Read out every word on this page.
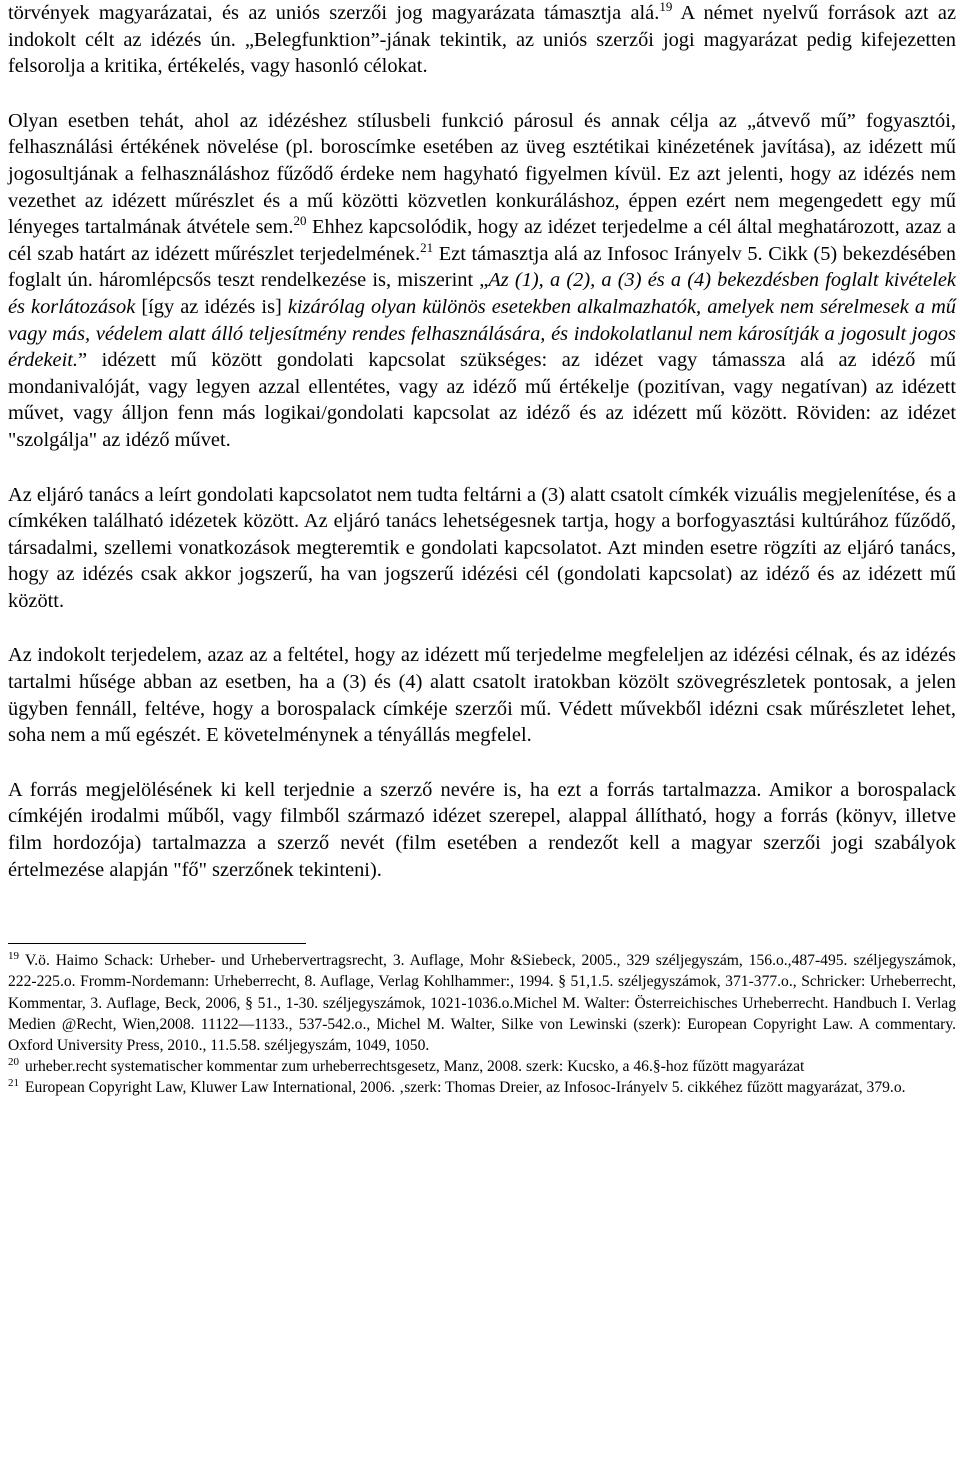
törvények magyarázatai, és az uniós szerzői jog magyarázata támasztja alá.$^{19}$ A német nyelvű források azt az indokolt célt az idézés ún. „Belegfunktion”-jának tekintik, az uniós szerzői jogi magyarázat pedig kifejezetten felsorolja a kritika, értékelés, vagy hasonló célokat.

Olyan esetben tehát, ahol az idézéshez stílusbeli funkció párosul és annak célja az „átvevő mű” fogyasztói, felhasználási értékének növelése (pl. boroscímke esetében az üveg esztétikai kinézetének javítása), az idézett mű jogosultjának a felhasználáshoz fűződő érdeke nem hagyható figyelmen kívül. Ez azt jelenti, hogy az idézés nem vezethet az idézett műrészlet és a mű közötti közvetlen konkuráláshoz, éppen ezért nem megengedett egy mű lényeges tartalmának átvétele sem.$^{20}$ Ehhez kapcsolódik, hogy az idézet terjedelme a cél által meghatározott, azaz a cél szab határt az idézett műrészlet terjedelmének.$^{21}$ Ezt támasztja alá az Infosoc Irányelv 5. Cikk (5) bekezdésében foglalt ún. háromlépcsős teszt rendelkezése is, miszerint „Az (1), a (2), a (3) és a (4) bekezdésben foglalt kivételek és korlátozások [így az idézés is] kizárólag olyan különös esetekben alkalmazhatók, amelyek nem sérelmesek a mű vagy más, védelem alatt álló teljesítmény rendes felhasználására, és indokolatlanul nem károsítják a jogosult jogos érdekeit.” idézett mű között gondolati kapcsolat szükséges: az idézet vagy támassza alá az idéző mű mondanivalóját, vagy legyen azzal ellentétes, vagy az idéző mű értékelje (pozitívan, vagy negatívan) az idézett művet, vagy álljon fenn más logikai/gondolati kapcsolat az idéző és az idézett mű között. Röviden: az idézet "szolgálja" az idéző művet.

Az eljáró tanács a leírt gondolati kapcsolatot nem tudta feltárni a (3) alatt csatolt címkék vizuális megjelenítése, és a címkéken található idézetek között. Az eljáró tanács lehetségesnek tartja, hogy a borfogyasztási kultúrához fűződő, társadalmi, szellemi vonatkozások megteremtik e gondolati kapcsolatot. Azt minden esetre rögzíti az eljáró tanács, hogy az idézés csak akkor jogszerű, ha van jogszerű idézési cél (gondolati kapcsolat) az idéző és az idézett mű között.

Az indokolt terjedelem, azaz az a feltétel, hogy az idézett mű terjedelme megfeleljen az idézési célnak, és az idézés tartalmi hűsége abban az esetben, ha a (3) és (4) alatt csatolt iratokban közölt szövegrészletek pontosak, a jelen ügyben fennáll, feltéve, hogy a borospalack címkéje szerzői mű. Védett művekből idézni csak műrészletet lehet, soha nem a mű egészét. E követelménynek a tényállás megfelel.

A forrás megjelölésének ki kell terjednie a szerző nevére is, ha ezt a forrás tartalmazza. Amikor a borospalack címkéjén irodalmi műből, vagy filmből származó idézet szerepel, alappal állítható, hogy a forrás (könyv, illetve film hordozója) tartalmazza a szerző nevét (film esetében a rendezőt kell a magyar szerzői jogi szabályok értelmezése alapján "fő" szerzőnek tekinteni).

$^{19}$ V.ö. Haimo Schack: Urheber- und Urhebervertragsrecht, 3. Auflage, Mohr &Siebeck, 2005., 329 széljegyszám, 156.o.,487-495. széljegyszámok, 222-225.o. Fromm-Nordemann: Urheberrecht, 8. Auflage, Verlag Kohlhammer:, 1994. § 51,1.5. széljegyszámok, 371-377.o., Schricker: Urheberrecht, Kommentar, 3. Auflage, Beck, 2006, § 51., 1-30. széljegyszámok, 1021-1036.o.Michel M. Walter: Österreichisches Urheberrecht. Handbuch I. Verlag Medien @Recht, Wien,2008. 11122—1133., 537-542.o., Michel M. Walter, Silke von Lewinski (szerk): European Copyright Law. A commentary. Oxford University Press, 2010., 11.5.58. széljegyszám, 1049, 1050.

$^{20}$ urheber.recht systematischer kommentar zum urheberrechtsgesetz, Manz, 2008. szerk: Kucsko, a 46.§-hoz fűzött magyarázat

$^{21}$ European Copyright Law, Kluwer Law International, 2006. ‚szerk: Thomas Dreier, az Infosoc-Irányelv 5. cikkéhez fűzött magyarázat, 379.o.
